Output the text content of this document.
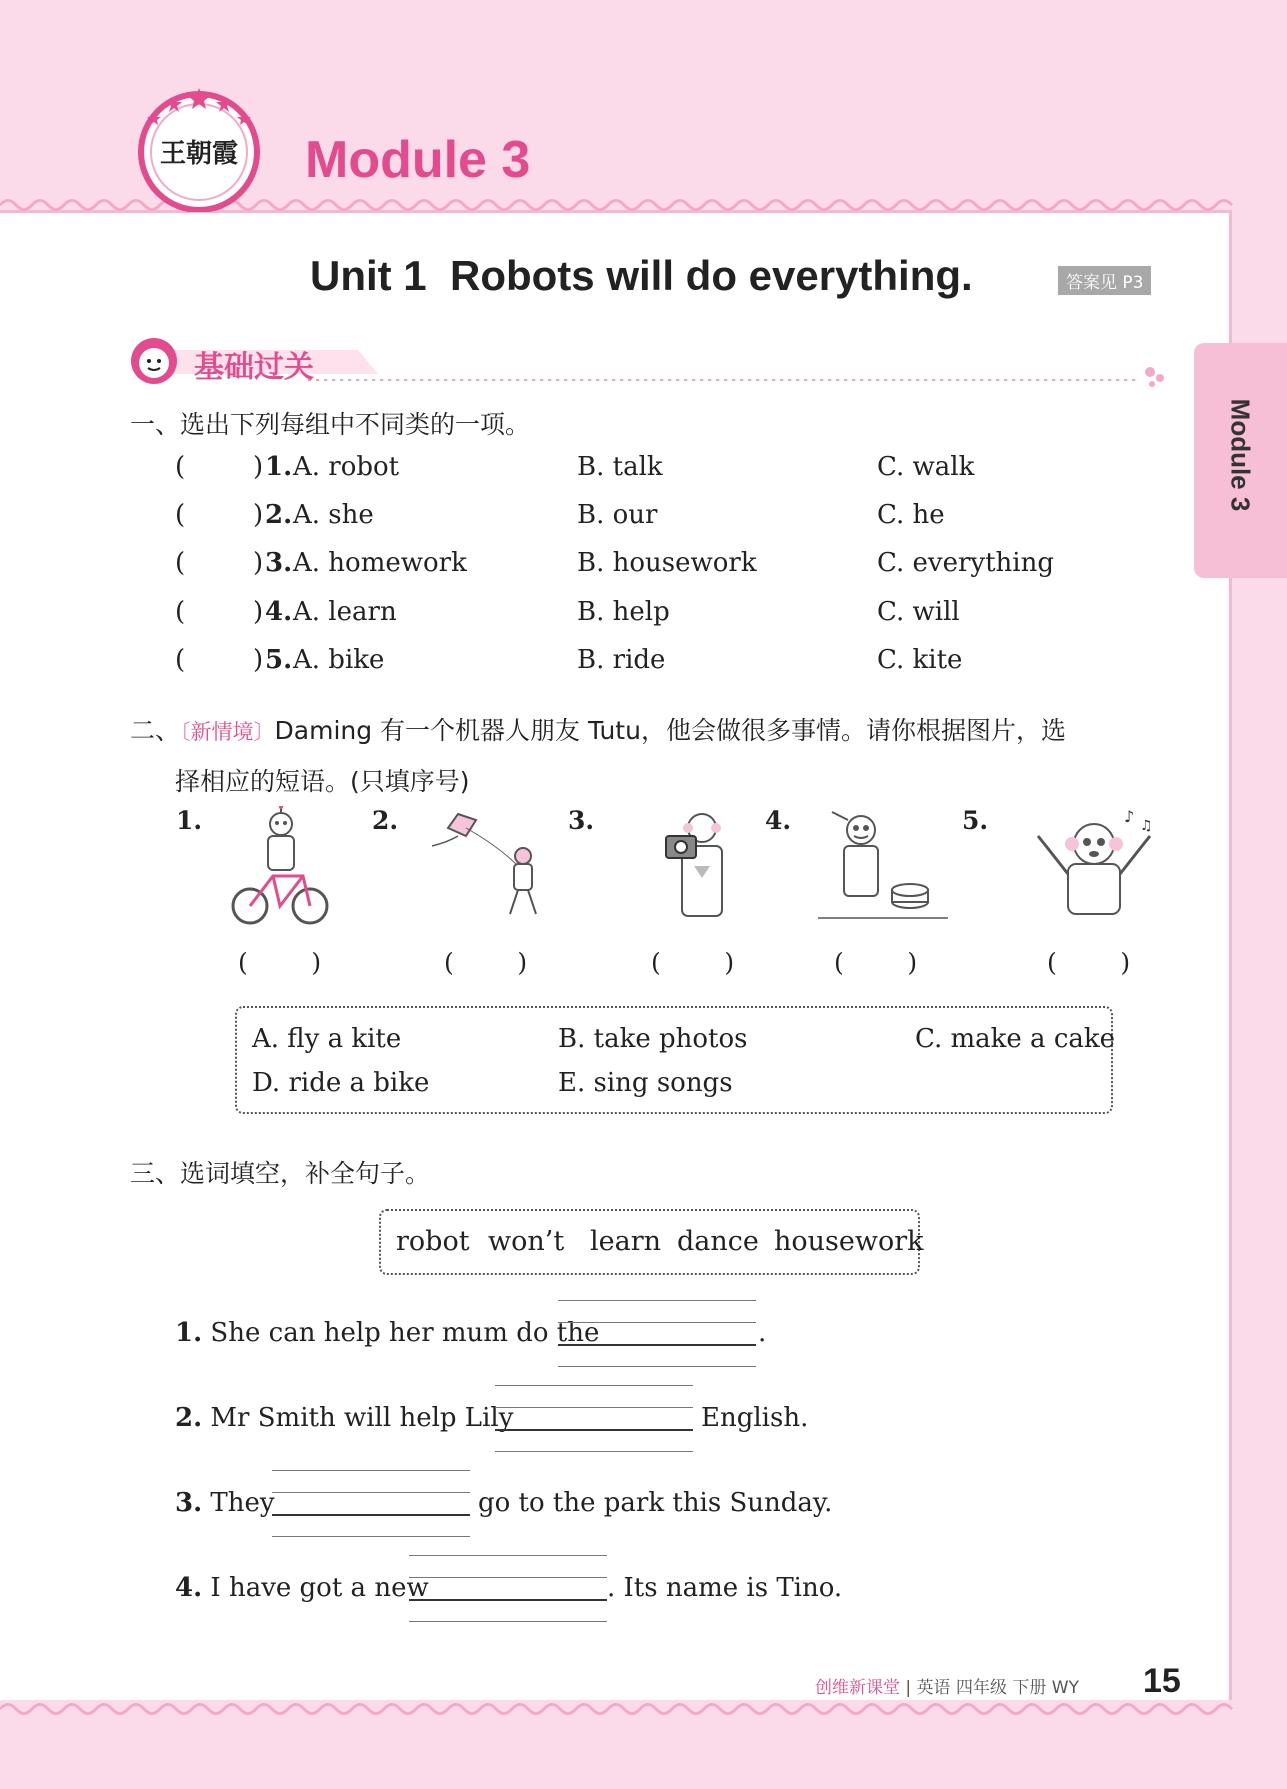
王朝霞 Module 3
Unit 1  Robots will do everything.	答案见 P3
Module 3
基础过关
一、选出下列每组中不同类的一项。
(	) 1. A. robot	B. talk	C. walk
(	) 2. A. she	B. our	C. he
(	) 3. A. homework	B. housework	C. everything
(	) 4. A. learn	B. help	C. will
(	) 5. A. bike	B. ride	C. kite
二、〔新情境〕Daming 有一个机器人朋友 Tutu，他会做很多事情。请你根据图片，选
择相应的短语。(只填序号)
1.	2.	3.	4.	5.	♪ ♫
(        )	(        )	(        )	(        )	(        )
A. fly a kite	B. take photos	C. make a cake
D. ride a bike	E. sing songs
三、选词填空，补全句子。
robot won’t learn dance housework
1. She can help her mum do the	.
2. Mr Smith will help Lily	English.
3. They	go to the park this Sunday.
4. I have got a new	. Its name is Tino.
创维新课堂 | 英语 四年级 下册 WY 15
